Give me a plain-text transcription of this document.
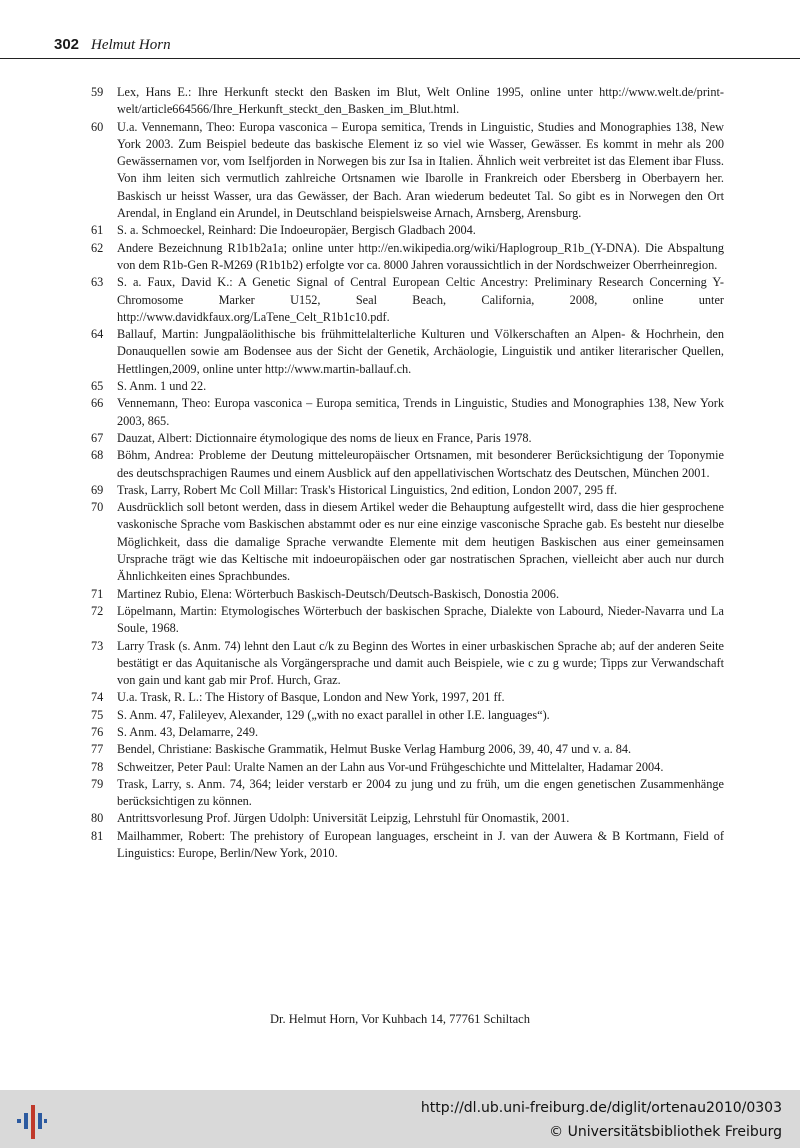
302 Helmut Horn
59 Lex, Hans E.: Ihre Herkunft steckt den Basken im Blut, Welt Online 1995, online unter http://www.welt.de/print-welt/article664566/Ihre_Herkunft_steckt_den_Basken_im_Blut.html.
60 U.a. Vennemann, Theo: Europa vasconica – Europa semitica, Trends in Linguistic, Studies and Monographies 138, New York 2003. Zum Beispiel bedeute das baskische Element iz so viel wie Wasser, Gewässer. Es kommt in mehr als 200 Gewässernamen vor, vom Iselfjorden in Norwegen bis zur Isa in Italien. Ähnlich weit verbreitet ist das Element ibar Fluss. Von ihm leiten sich vermutlich zahlreiche Ortsnamen wie Ibarolle in Frankreich oder Ebersberg in Oberbayern her. Baskisch ur heisst Wasser, ura das Gewässer, der Bach. Aran wiederum bedeutet Tal. So gibt es in Norwegen den Ort Arendal, in England ein Arundel, in Deutschland beispielsweise Arnach, Arnsberg, Arensburg.
61 S. a. Schmoeckel, Reinhard: Die Indoeuropäer, Bergisch Gladbach 2004.
62 Andere Bezeichnung R1b1b2a1a; online unter http://en.wikipedia.org/wiki/Haplogroup_R1b_(Y-DNA). Die Abspaltung von dem R1b-Gen R-M269 (R1b1b2) erfolgte vor ca. 8000 Jahren voraussichtlich in der Nordschweizer Oberrheinregion.
63 S. a. Faux, David K.: A Genetic Signal of Central European Celtic Ancestry: Preliminary Research Concerning Y-Chromosome Marker U152, Seal Beach, California, 2008, online unter http://www.davidkfaux.org/LaTene_Celt_R1b1c10.pdf.
64 Ballauf, Martin: Jungpaläolithische bis frühmittelalterliche Kulturen und Völkerschaften an Alpen- & Hochrhein, den Donauquellen sowie am Bodensee aus der Sicht der Genetik, Archäologie, Linguistik und antiker literarischer Quellen, Hettlingen,2009, online unter http://www.martin-ballauf.ch.
65 S. Anm. 1 und 22.
66 Vennemann, Theo: Europa vasconica – Europa semitica, Trends in Linguistic, Studies and Monographies 138, New York 2003, 865.
67 Dauzat, Albert: Dictionnaire étymologique des noms de lieux en France, Paris 1978.
68 Böhm, Andrea: Probleme der Deutung mitteleuropäischer Ortsnamen, mit besonderer Berücksichtigung der Toponymie des deutschsprachigen Raumes und einem Ausblick auf den appellativischen Wortschatz des Deutschen, München 2001.
69 Trask, Larry, Robert Mc Coll Millar: Trask's Historical Linguistics, 2nd edition, London 2007, 295 ff.
70 Ausdrücklich soll betont werden, dass in diesem Artikel weder die Behauptung aufgestellt wird, dass die hier gesprochene vaskonische Sprache vom Baskischen abstammt oder es nur eine einzige vasconische Sprache gab. Es besteht nur dieselbe Möglichkeit, dass die damalige Sprache verwandte Elemente mit dem heutigen Baskischen aus einer gemeinsamen Ursprache trägt wie das Keltische mit indoeuropäischen oder gar nostratischen Sprachen, vielleicht aber auch nur durch Ähnlichkeiten eines Sprachbundes.
71 Martinez Rubio, Elena: Wörterbuch Baskisch-Deutsch/Deutsch-Baskisch, Donostia 2006.
72 Löpelmann, Martin: Etymologisches Wörterbuch der baskischen Sprache, Dialekte von Labourd, Nieder-Navarra und La Soule, 1968.
73 Larry Trask (s. Anm. 74) lehnt den Laut c/k zu Beginn des Wortes in einer urbaskischen Sprache ab; auf der anderen Seite bestätigt er das Aquitanische als Vorgängersprache und damit auch Beispiele, wie c zu g wurde; Tipps zur Verwandschaft von gain und kant gab mir Prof. Hurch, Graz.
74 U.a. Trask, R. L.: The History of Basque, London and New York, 1997, 201 ff.
75 S. Anm. 47, Falileyev, Alexander, 129 („with no exact parallel in other I.E. languages“).
76 S. Anm. 43, Delamarre, 249.
77 Bendel, Christiane: Baskische Grammatik, Helmut Buske Verlag Hamburg 2006, 39, 40, 47 und v. a. 84.
78 Schweitzer, Peter Paul: Uralte Namen an der Lahn aus Vor-und Frühgeschichte und Mittelalter, Hadamar 2004.
79 Trask, Larry, s. Anm. 74, 364; leider verstarb er 2004 zu jung und zu früh, um die engen genetischen Zusammenhänge berücksichtigen zu können.
80 Antrittsvorlesung Prof. Jürgen Udolph: Universität Leipzig, Lehrstuhl für Onomastik, 2001.
81 Mailhammer, Robert: The prehistory of European languages, erscheint in J. van der Auwera & B Kortmann, Field of Linguistics: Europe, Berlin/New York, 2010.
Dr. Helmut Horn, Vor Kuhbach 14, 77761 Schiltach
http://dl.ub.uni-freiburg.de/diglit/ortenau2010/0303
© Universitätsbibliothek Freiburg
